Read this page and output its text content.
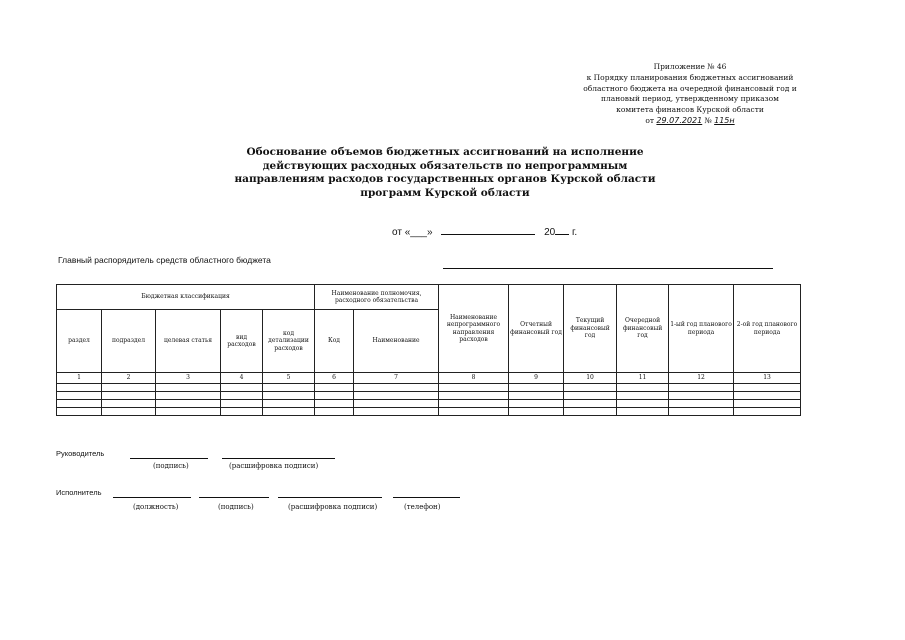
Приложение № 46
к Порядку планирования бюджетных ассигнований
областного бюджета на очередной финансовый год и
плановый период, утвержденному приказом
комитета финансов Курской области
от 29.07.2021 № 115н
Обоснование объемов бюджетных ассигнований на исполнение
действующих расходных обязательств по непрограммным
направлениям расходов государственных органов Курской области
программ Курской области
от «___»	20 г.
Главный распорядитель средств областного бюджета
Бюджетная классификация					Наименование полномочия, расходного обязательства		Наименование непрограммного направления расходов	Отчетный финансовый год	Текущий финансовый год	Очередной финансовый год	1-ый год планового периода	2-ой год планового периода
раздел	подраздел	целевая статья	вид расходов	код детализации расходов								
					Код	Наименование						
1	2	3	4	5	6	7	8	9	10	11	12	13

Руководитель
(подпись)	(расшифровка подписи)
Исполнитель
(должность)	(подпись)	(расшифровка подписи)	(телефон)
